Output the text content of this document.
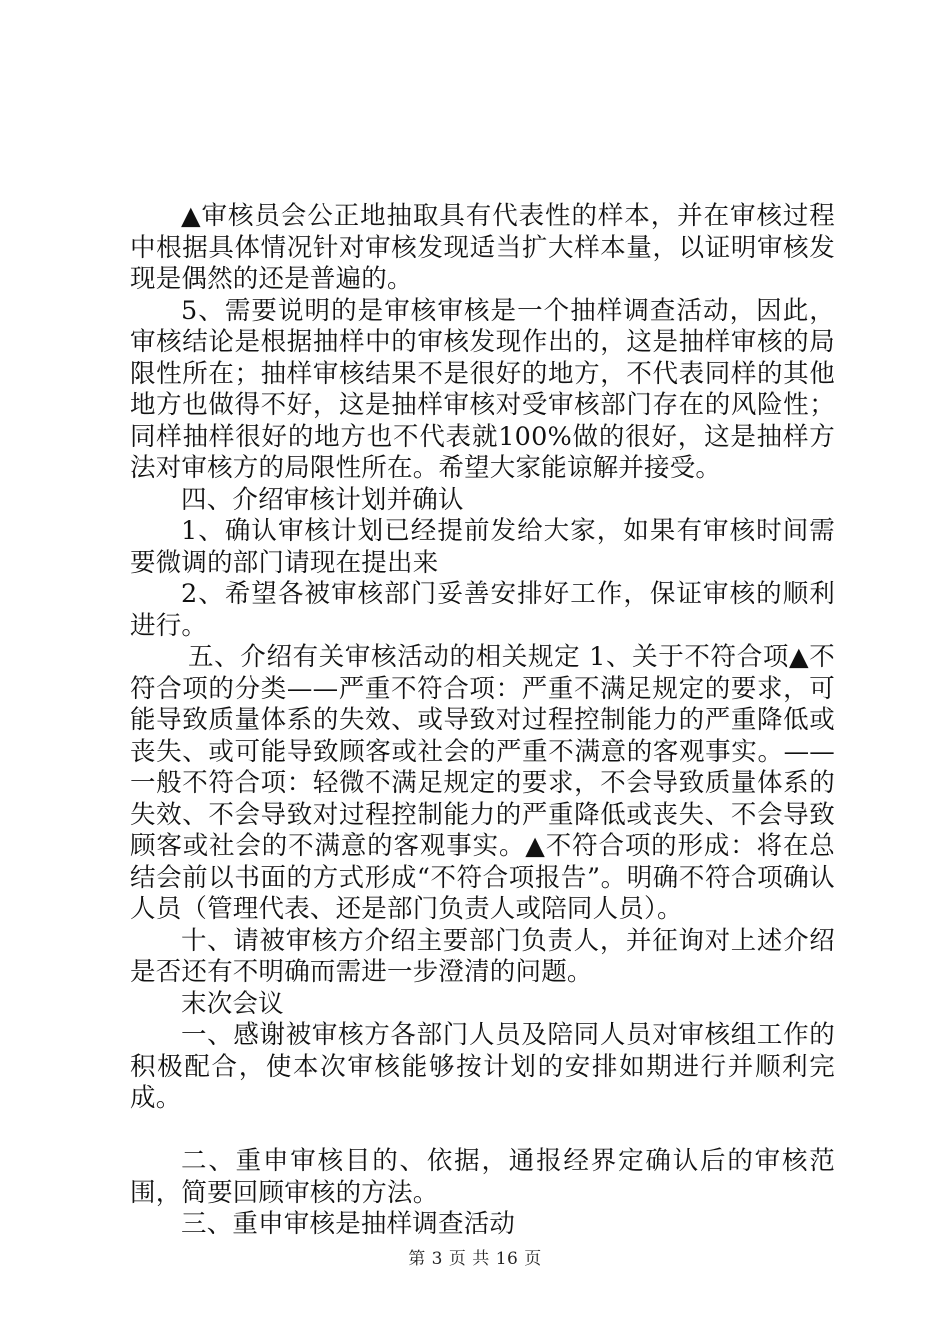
▲审核员会公正地抽取具有代表性的样本，并在审核过程中根据具体情况针对审核发现适当扩大样本量，以证明审核发现是偶然的还是普遍的。

5、需要说明的是审核审核是一个抽样调查活动，因此，审核结论是根据抽样中的审核发现作出的，这是抽样审核的局限性所在；抽样审核结果不是很好的地方，不代表同样的其他地方也做得不好，这是抽样审核对受审核部门存在的风险性；同样抽样很好的地方也不代表就100%做的很好，这是抽样方法对审核方的局限性所在。希望大家能谅解并接受。

四、介绍审核计划并确认

1、确认审核计划已经提前发给大家，如果有审核时间需要微调的部门请现在提出来

2、希望各被审核部门妥善安排好工作，保证审核的顺利进行。

五、介绍有关审核活动的相关规定 1、关于不符合项▲不符合项的分类——严重不符合项：严重不满足规定的要求，可能导致质量体系的失效、或导致对过程控制能力的严重降低或丧失、或可能导致顾客或社会的严重不满意的客观事实。——一般不符合项：轻微不满足规定的要求，不会导致质量体系的失效、不会导致对过程控制能力的严重降低或丧失、不会导致顾客或社会的不满意的客观事实。▲不符合项的形成：将在总结会前以书面的方式形成“不符合项报告”。明确不符合项确认人员（管理代表、还是部门负责人或陪同人员）。

十、请被审核方介绍主要部门负责人，并征询对上述介绍是否还有不明确而需进一步澄清的问题。

末次会议

一、感谢被审核方各部门人员及陪同人员对审核组工作的积极配合，使本次审核能够按计划的安排如期进行并顺利完成。

二、重申审核目的、依据，通报经界定确认后的审核范围，简要回顾审核的方法。

三、重申审核是抽样调查活动

第 3 页 共 16 页
